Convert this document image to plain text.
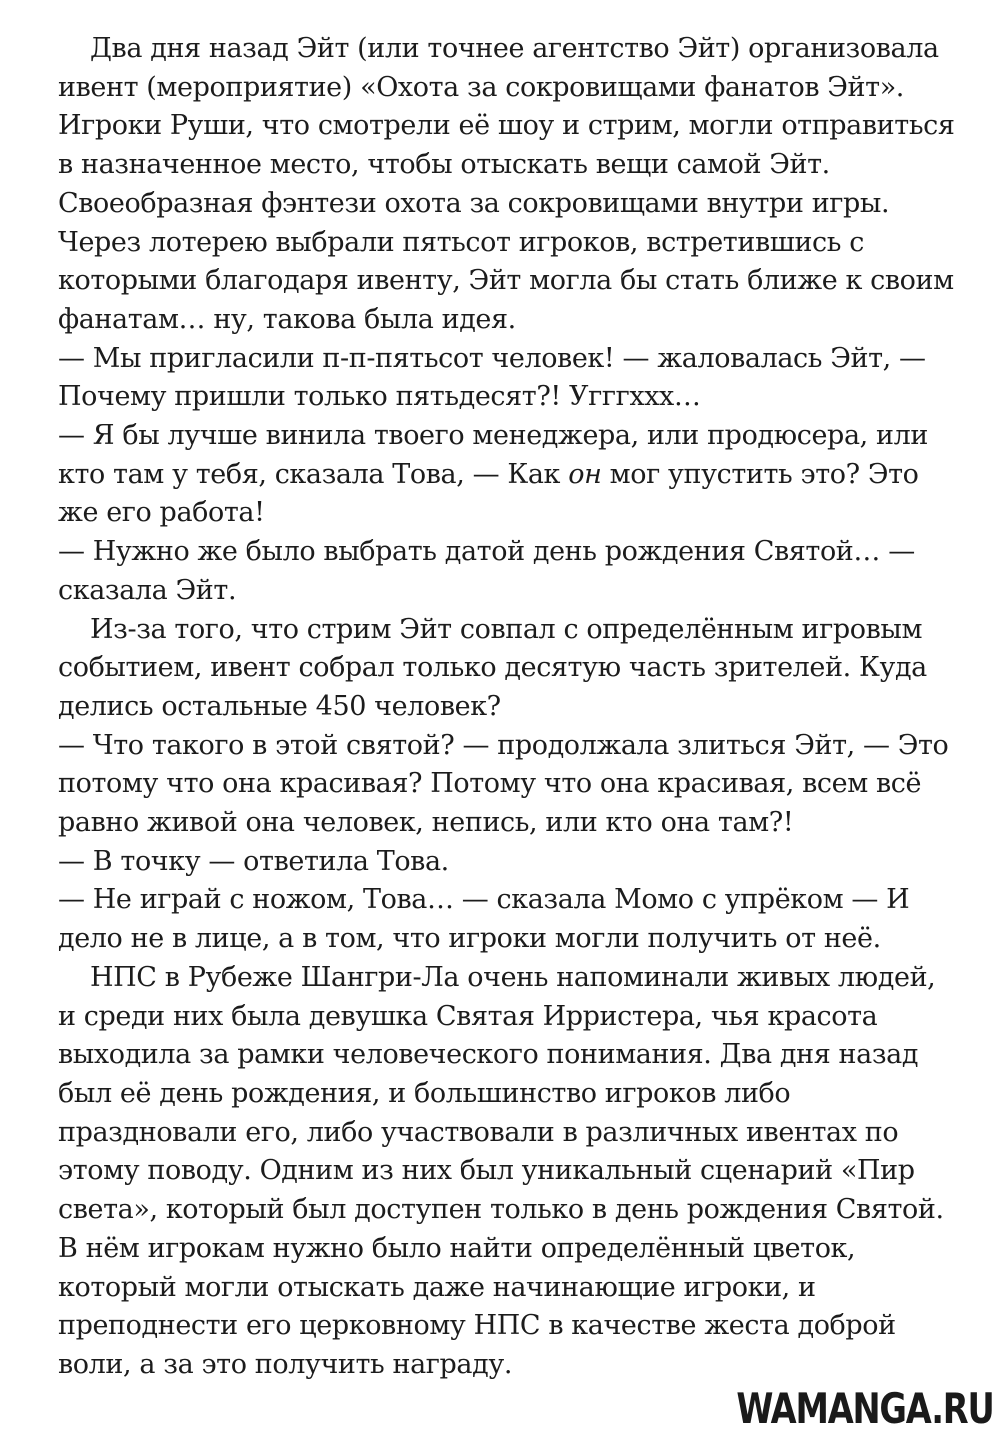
Два дня назад Эйт (или точнее агентство Эйт) организовала ивент (мероприятие) «Охота за сокровищами фанатов Эйт». Игроки Руши, что смотрели её шоу и стрим, могли отправиться в назначенное место, чтобы отыскать вещи самой Эйт. Своеобразная фэнтези охота за сокровищами внутри игры. Через лотерею выбрали пятьсот игроков, встретившись с которыми благодаря ивенту, Эйт могла бы стать ближе к своим фанатам… ну, такова была идея.

— Мы пригласили п-п-пятьсот человек! — жаловалась Эйт, — Почему пришли только пятьдесят?! Угггххх…

— Я бы лучше винила твоего менеджера, или продюсера, или кто там у тебя, сказала Това, — Как он мог упустить это? Это же его работа!

— Нужно же было выбрать датой день рождения Святой… — сказала Эйт.

Из-за того, что стрим Эйт совпал с определённым игровым событием, ивент собрал только десятую часть зрителей. Куда делись остальные 450 человек?

— Что такого в этой святой? — продолжала злиться Эйт, — Это потому что она красивая? Потому что она красивая, всем всё равно живой она человек, непись, или кто она там?!

— В точку — ответила Това.

— Не играй с ножом, Това… — сказала Момо с упрёком — И дело не в лице, а в том, что игроки могли получить от неё.

НПС в Рубеже Шангри-Ла очень напоминали живых людей, и среди них была девушка Святая Ирристера, чья красота выходила за рамки человеческого понимания. Два дня назад был её день рождения, и большинство игроков либо праздновали его, либо участвовали в различных ивентах по этому поводу. Одним из них был уникальный сценарий «Пир света», который был доступен только в день рождения Святой. В нём игрокам нужно было найти определённый цветок, который могли отыскать даже начинающие игроки, и преподнести его церковному НПС в качестве жеста доброй воли, а за это получить награду.

WAMANGA.RU
